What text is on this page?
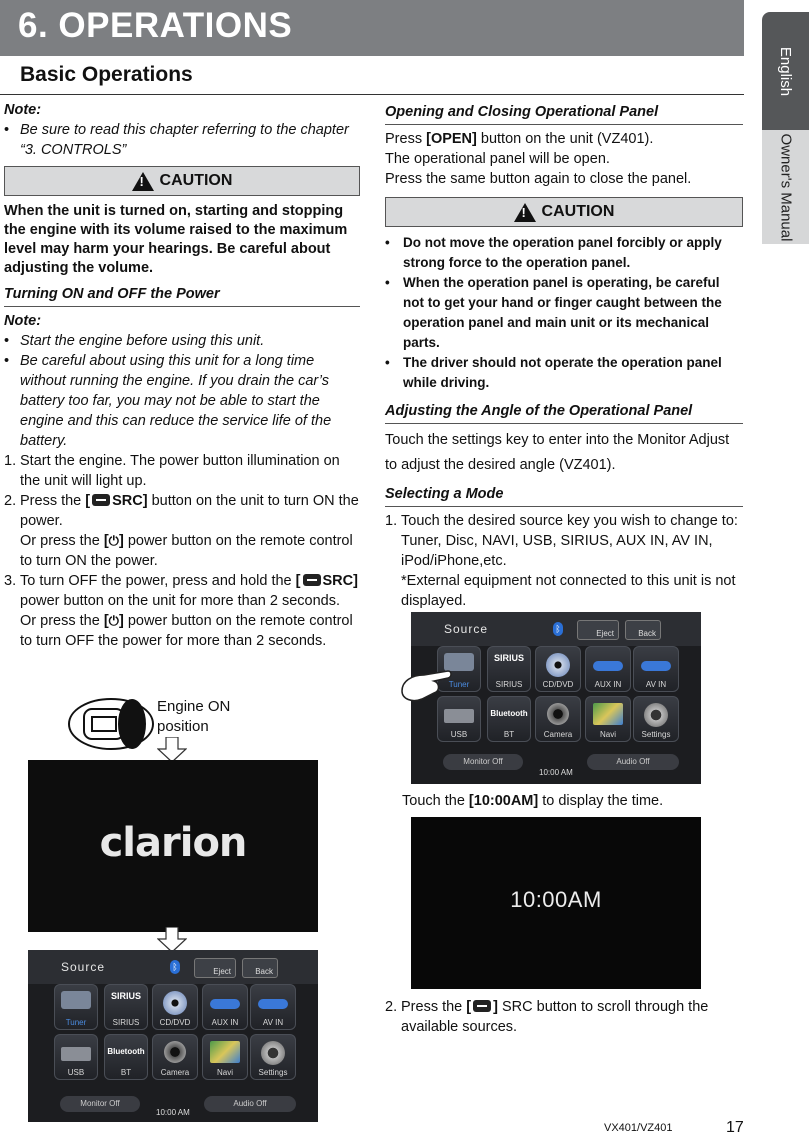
6. OPERATIONS
English
Owner's Manual
Basic Operations
Note:
• Be sure to read this chapter referring to the chapter “3. CONTROLS”
!
CAUTION
When the unit is turned on, starting and stopping the engine with its volume raised to the maximum level may harm your hearings. Be careful about adjusting the volume.
Turning ON and OFF the Power
Note:
• Start the engine before using this unit.
• Be careful about using this unit for a long time without running the engine. If you drain the car’s battery too far, you may not be able to start the engine and this can reduce the service life of the battery.
1. Start the engine. The power button illumination on the unit will light up.
2. Press the [ SRC] button on the unit to turn ON the power.
Or press the [⏻] power button on the remote control to turn ON the power.
3. To turn OFF the power, press and hold the [ SRC] power button on the unit for more than 2 seconds.
Or press the [⏻] power button on the remote control to turn OFF the power for more than 2 seconds.
Engine ON position
clarion
Source	ᛒ	Eject	Back
Tuner
SIRIUS
SIRIUS	CD/DVD	AUX IN	AV IN
USB
Bluetooth
BT	Camera	Navi	Settings
Monitor Off
10:00 AM
Audio Off
Opening and Closing Operational Panel
Press [OPEN] button on the unit (VZ401).
The operational panel will be open.
Press the same button again to close the panel.
!
CAUTION
• Do not move the operation panel forcibly or apply strong force to the operation panel.
• When the operation panel is operating, be careful not to get your hand or finger caught between the operation panel and main unit or its mechanical parts.
• The driver should not operate the operation panel while driving.
Adjusting the Angle of the Operational Panel
Touch the settings key to enter into the Monitor Adjust to adjust the desired angle (VZ401).
Selecting a Mode
1. Touch the desired source key you wish to change to: Tuner, Disc, NAVI, USB, SIRIUS, AUX IN, AV IN, iPod/iPhone,etc.
*External equipment not connected to this unit is not displayed.
Source	ᛒ	Eject	Back
Tuner
SIRIUS
SIRIUS	CD/DVD	AUX IN	AV IN
USB
Bluetooth
BT	Camera	Navi	Settings
Monitor Off
10:00 AM
Audio Off
Touch the [10:00AM] to display the time.
10:00AM
2. Press the [ ] SRC button to scroll through the available sources.
VX401/VZ401	17
